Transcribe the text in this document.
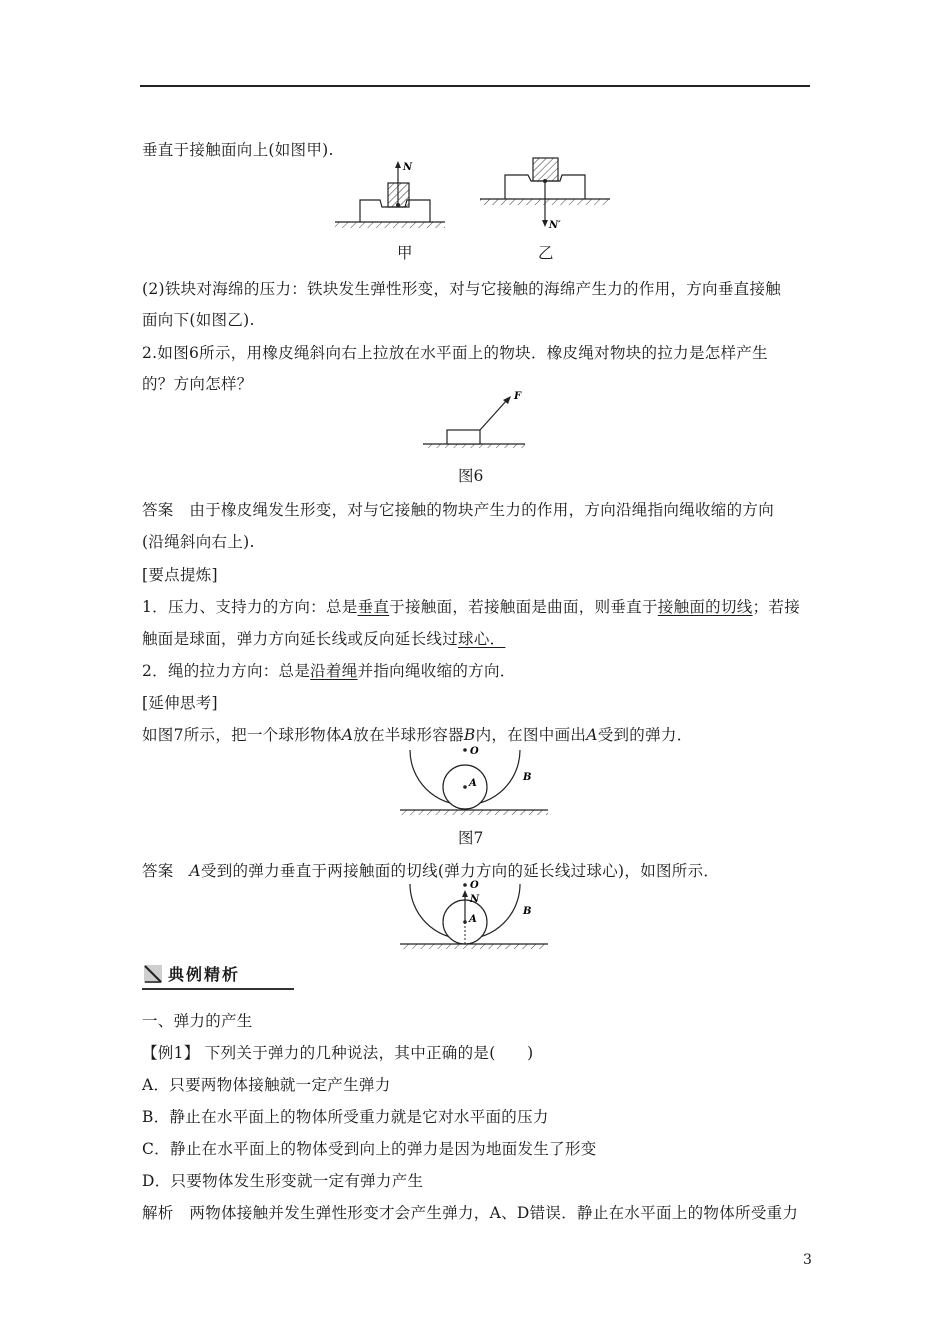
垂直于接触面向上(如图甲).
N
N′
甲	乙
(2)铁块对海绵的压力：铁块发生弹性形变，对与它接触的海绵产生力的作用，方向垂直接触
面向下(如图乙).
2.如图6所示，用橡皮绳斜向右上拉放在水平面上的物块．橡皮绳对物块的拉力是怎样产生
的？方向怎样？
F
图6
答案　由于橡皮绳发生形变，对与它接触的物块产生力的作用，方向沿绳指向绳收缩的方向
(沿绳斜向右上).
[要点提炼]
1．压力、支持力的方向：总是垂直于接触面，若接触面是曲面，则垂直于接触面的切线；若接
触面是球面，弹力方向延长线或反向延长线过球心．
2．绳的拉力方向：总是沿着绳并指向绳收缩的方向．
[延伸思考]
如图7所示，把一个球形物体A放在半球形容器B内，在图中画出A受到的弹力．
O
A
B
图7
答案　A受到的弹力垂直于两接触面的切线(弹力方向的延长线过球心)，如图所示．
O
N
A
B
典例精析
一、弹力的产生
【例1】 下列关于弹力的几种说法，其中正确的是(　　)
A．只要两物体接触就一定产生弹力
B．静止在水平面上的物体所受重力就是它对水平面的压力
C．静止在水平面上的物体受到向上的弹力是因为地面发生了形变
D．只要物体发生形变就一定有弹力产生
解析　两物体接触并发生弹性形变才会产生弹力，A、D错误．静止在水平面上的物体所受重力
3
